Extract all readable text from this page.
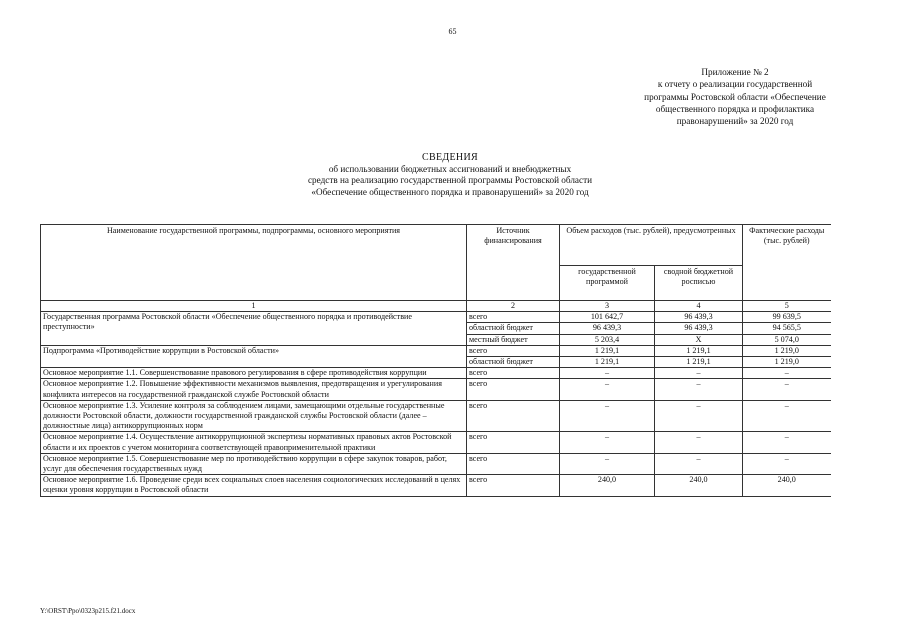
65
Приложение № 2
к отчету о реализации государственной
программы Ростовской области «Обеспечение
общественного порядка и профилактика
правонарушений» за 2020 год
СВЕДЕНИЯ
об использовании бюджетных ассигнований и внебюджетных
средств на реализацию государственной программы Ростовской области
«Обеспечение общественного порядка и правонарушений» за 2020 год
Наименование государственной программы, подпрограммы, основного мероприятия	Источник финансирования	Объем расходов (тыс. рублей), предусмотренных		Фактические расходы (тыс. рублей)
		государственной программой	сводной бюджетной росписью	
1	2	3	4	5
Государственная программа Ростовской области «Обеспечение общественного порядка и противодействие преступности»	всего	101 642,7	96 439,3	99 639,5
	областной бюджет	96 439,3	96 439,3	94 565,5
	местный бюджет	5 203,4	Х	5 074,0
Подпрограмма «Противодействие коррупции в Ростовской области»	всего	1 219,1	1 219,1	1 219,0
	областной бюджет	1 219,1	1 219,1	1 219,0
Основное мероприятие 1.1. Совершенствование правового регулирования в сфере противодействия коррупции	всего	–	–	–
Основное мероприятие 1.2. Повышение эффективности механизмов выявления, предотвращения и урегулирования конфликта интересов на государственной гражданской службе Ростовской области	всего	–	–	–
Основное мероприятие 1.3. Усиление контроля за соблюдением лицами, замещающими отдельные государственные должности Ростовской области, должности государственной гражданской службы Ростовской области (далее – должностные лица) антикоррупционных норм	всего	–	–	–
Основное мероприятие 1.4. Осуществление антикоррупционной экспертизы нормативных правовых актов Ростовской области и их проектов с учетом мониторинга соответствующей правоприменительной практики	всего	–	–	–
Основное мероприятие 1.5. Совершенствование мер по противодействию коррупции в сфере закупок товаров, работ, услуг для обеспечения государственных нужд	всего	–	–	–
Основное мероприятие 1.6. Проведение среди всех социальных слоев населения социологических исследований в целях оценки уровня коррупции в Ростовской области	всего	240,0	240,0	240,0
Y:\ORST\Ppo\0323p215.f21.docx
